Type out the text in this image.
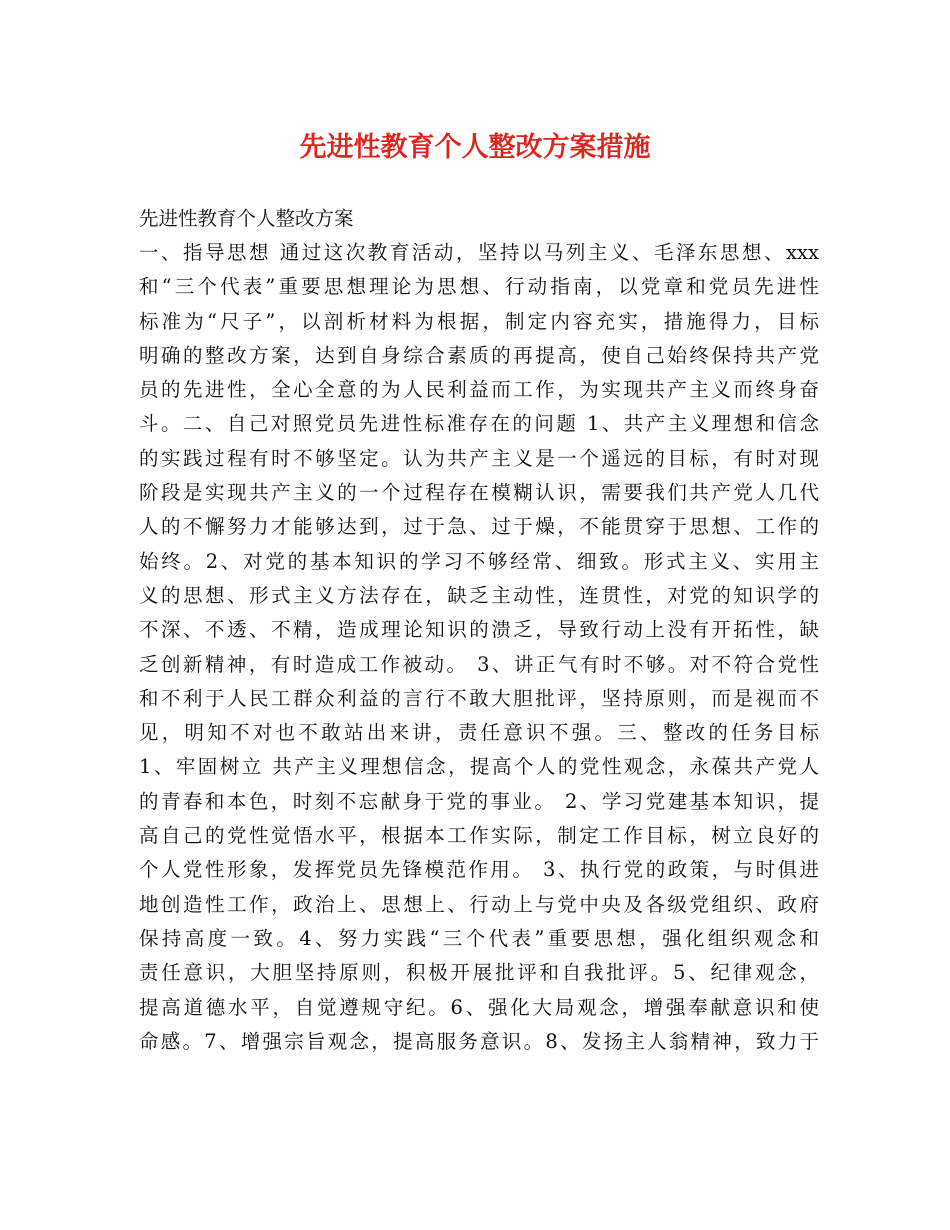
先进性教育个人整改方案措施

先进性教育个人整改方案

一、指导思想 通过这次教育活动，坚持以马列主义、毛泽东思想、xxx
和“三个代表”重要思想理论为思想、行动指南，以党章和党员先进性
标准为“尺子”，以剖析材料为根据，制定内容充实，措施得力，目标
明确的整改方案，达到自身综合素质的再提高，使自己始终保持共产党
员的先进性，全心全意的为人民利益而工作，为实现共产主义而终身奋
斗。二、自己对照党员先进性标准存在的问题 1、共产主义理想和信念
的实践过程有时不够坚定。认为共产主义是一个遥远的目标，有时对现
阶段是实现共产主义的一个过程存在模糊认识，需要我们共产党人几代
人的不懈努力才能够达到，过于急、过于燥，不能贯穿于思想、工作的
始终。2、对党的基本知识的学习不够经常、细致。形式主义、实用主
义的思想、形式主义方法存在，缺乏主动性，连贯性，对党的知识学的
不深、不透、不精，造成理论知识的溃乏，导致行动上没有开拓性，缺
乏创新精神，有时造成工作被动。 3、讲正气有时不够。对不符合党性
和不利于人民工群众利益的言行不敢大胆批评，坚持原则，而是视而不
见，明知不对也不敢站出来讲，责任意识不强。三、整改的任务目标
1、牢固树立 共产主义理想信念，提高个人的党性观念，永葆共产党人
的青春和本色，时刻不忘献身于党的事业。 2、学习党建基本知识，提
高自己的党性觉悟水平，根据本工作实际，制定工作目标，树立良好的
个人党性形象，发挥党员先锋模范作用。 3、执行党的政策，与时俱进
地创造性工作，政治上、思想上、行动上与党中央及各级党组织、政府
保持高度一致。4、努力实践“三个代表”重要思想，强化组织观念和
责任意识，大胆坚持原则，积极开展批评和自我批评。5、纪律观念，
提高道德水平，自觉遵规守纪。6、强化大局观念，增强奉献意识和使
命感。7、增强宗旨观念，提高服务意识。8、发扬主人翁精神，致力于
